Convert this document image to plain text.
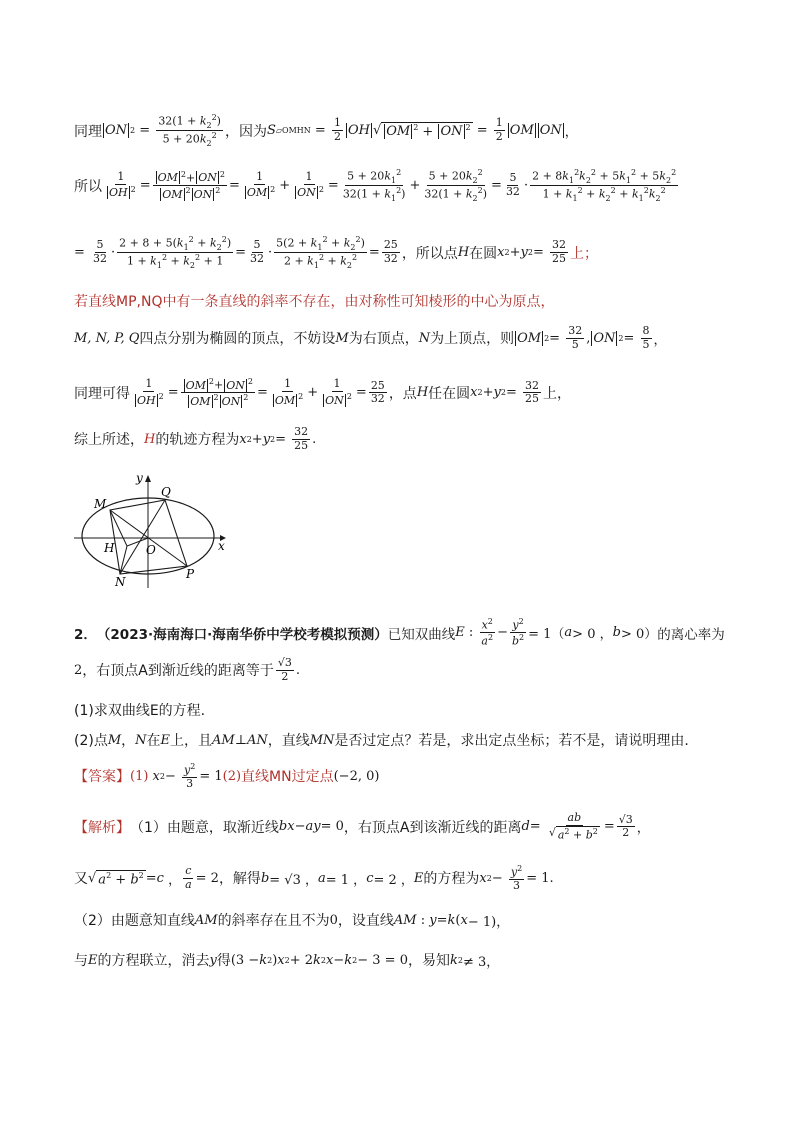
同理 ON $2 = \frac{32(1 + k_2^2)}{5 + 20k_2^2}$ ，因为 S ▱OMHN = $\frac{1}{2}$ OH √ OM $^2$ + ON $^2 = \frac{1}{2}$ OM ON ，
所以 $\frac{1}{OH ^2} = \frac{OM ^2+ ON ^2}{OM ^2 ON ^2} = \frac{1}{OM ^2} + \frac{1}{ON ^2} = \frac{5 + 20k_1^2}{32(1 + k_1^2)} + \frac{5 + 20k_2^2}{32(1 + k_2^2)} = \frac{5}{32} \cdot \frac{2 + 8k_1^2k_2^2 + 5k_1^2 + 5k_2^2}{1 + k_1^2 + k_2^2 + k_1^2k_2^2}$
= $\frac{5}{32} \cdot \frac{2 + 8 + 5(k_1^2 + k_2^2)}{1 + k_1^2 + k_2^2 + 1} = \frac{5}{32} \cdot \frac{5(2 + k_1^2 + k_2^2)}{2 + k_1^2 + k_2^2} = \frac{25}{32}$ ，所以点 H 在圆 x 2 + y $2 = \frac{32}{25}$ 上；
若直线MP,NQ中有一条直线的斜率不存在，由对称性可知棱形的中心为原点，
M, N, P, Q 四点分别为椭圆的顶点，不妨设 M 为右顶点， N 为上顶点，则 OM $2 = \frac{32}{5}$ , ON $2 = \frac{8}{5}$ ，
同理可得 $\frac{1}{OH ^2} = \frac{OM ^2+ ON ^2}{OM ^2 ON ^2} = \frac{1}{OM ^2} + \frac{1}{ON ^2} = \frac{25}{32}$ ，点 H 任在圆 x 2 + y $2 = \frac{32}{25}$ 上，
综上所述， H 的轨迹方程为 x 2 + y $2 = \frac{32}{25}$ .
y
Q
M
H	O	x
N
P
2． （2023·海南海口·海南华侨中学校考模拟预测） 已知双曲线 E : $\frac{x^2}{a^2} - \frac{y^2}{b^2} = 1$（ a > 0 ， b > 0） 的离心率为
2 ，右顶点A到渐近线的距离等于 $\frac{√3}{2}$ .
(1)求双曲线E的方程.
(2)点 M ， N 在 E 上，且 AM ⊥ AN ，直线 MN 是否过定点？若是，求出定点坐标；若不是，请说明理由.
【答案】 (1) x $2 - \frac{y^2}{3} = 1$ (2) 直线MN过定点 (−2, 0)
【解析】 （1）由题意，取渐近线 bx − ay = 0 ，右顶点A到该渐近线的距离 $d = \frac{ab}{√ a^2 + b^2} = \frac{√3}{2}$ ，
又 √ $a^2 + b^2 = c$ ， $\frac{c}{a} = 2$ ，解得 b = √3 ， a = 1 ， c = 2 ， E 的方程为 x $2 - \frac{y^2}{3} = 1$.
（2）由题意知直线 AM 的斜率存在且不为 0 ，设直线 AM : y = k ( x − 1)，
与 E 的方程联立，消去 y 得 (3 − k 2 ) x 2 + 2 k 2 x − k 2 − 3 = 0 ，易知 k 2 ≠ 3，
